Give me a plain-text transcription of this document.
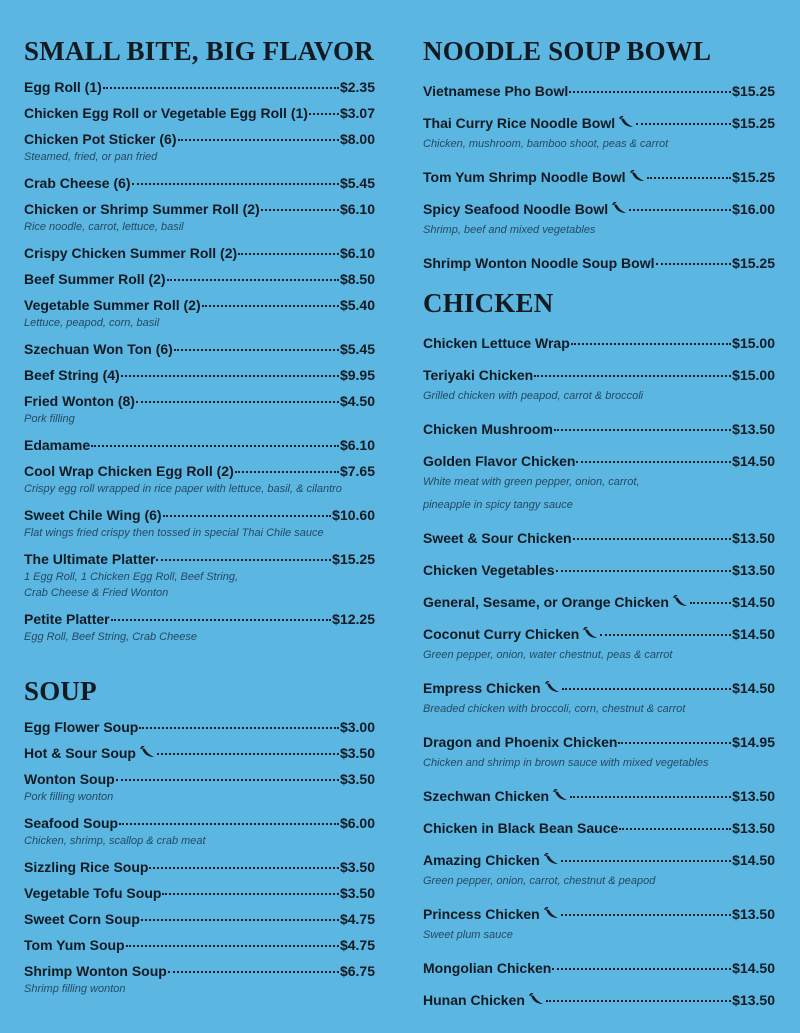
SMALL BITE, BIG FLAVOR
Egg Roll (1)	$2.35
Chicken Egg Roll or Vegetable Egg Roll (1) $3.07
Chicken Pot Sticker (6)	$8.00
Steamed, fried, or pan fried
Crab Cheese (6)	$5.45
Chicken or Shrimp Summer Roll (2)	$6.10
Rice noodle, carrot, lettuce, basil
Crispy Chicken Summer Roll (2)	$6.10
Beef Summer Roll (2)	$8.50
Vegetable Summer Roll (2)	$5.40
Lettuce, peapod, corn, basil
Szechuan Won Ton (6)	$5.45
Beef String (4)	$9.95
Fried Wonton (8)	$4.50
Pork filling
Edamame	$6.10
Cool Wrap Chicken Egg Roll (2)	$7.65
Crispy egg roll wrapped in rice paper with lettuce, basil, & cilantro
Sweet Chile Wing (6)	$10.60
Flat wings fried crispy then tossed in special Thai Chile sauce
The Ultimate Platter	$15.25
1 Egg Roll, 1 Chicken Egg Roll, Beef String,
Crab Cheese & Fried Wonton
Petite Platter	$12.25
Egg Roll, Beef String, Crab Cheese
SOUP
Egg Flower Soup	$3.00
Hot & Sour Soup	$3.50
Wonton Soup	$3.50
Pork filling wonton
Seafood Soup	$6.00
Chicken, shrimp, scallop & crab meat
Sizzling Rice Soup	$3.50
Vegetable Tofu Soup	$3.50
Sweet Corn Soup	$4.75
Tom Yum Soup	$4.75
Shrimp Wonton Soup	$6.75
Shrimp filling wonton
NOODLE SOUP BOWL
Vietnamese Pho Bowl	$15.25
Thai Curry Rice Noodle Bowl	$15.25
Chicken, mushroom, bamboo shoot, peas & carrot
Tom Yum Shrimp Noodle Bowl	$15.25
Spicy Seafood Noodle Bowl	$16.00
Shrimp, beef and mixed vegetables
Shrimp Wonton Noodle Soup Bowl	$15.25
CHICKEN
Chicken Lettuce Wrap	$15.00
Teriyaki Chicken	$15.00
Grilled chicken with peapod, carrot & broccoli
Chicken Mushroom	$13.50
Golden Flavor Chicken	$14.50
White meat with green pepper, onion, carrot,
pineapple in spicy tangy sauce
Sweet & Sour Chicken	$13.50
Chicken Vegetables	$13.50
General, Sesame, or Orange Chicken	$14.50
Coconut Curry Chicken	$14.50
Green pepper, onion, water chestnut, peas & carrot
Empress Chicken	$14.50
Breaded chicken with broccoli, corn, chestnut & carrot
Dragon and Phoenix Chicken	$14.95
Chicken and shrimp in brown sauce with mixed vegetables
Szechwan Chicken	$13.50
Chicken in Black Bean Sauce	$13.50
Amazing Chicken	$14.50
Green pepper, onion, carrot, chestnut & peapod
Princess Chicken	$13.50
Sweet plum sauce
Mongolian Chicken	$14.50
Hunan Chicken	$13.50
